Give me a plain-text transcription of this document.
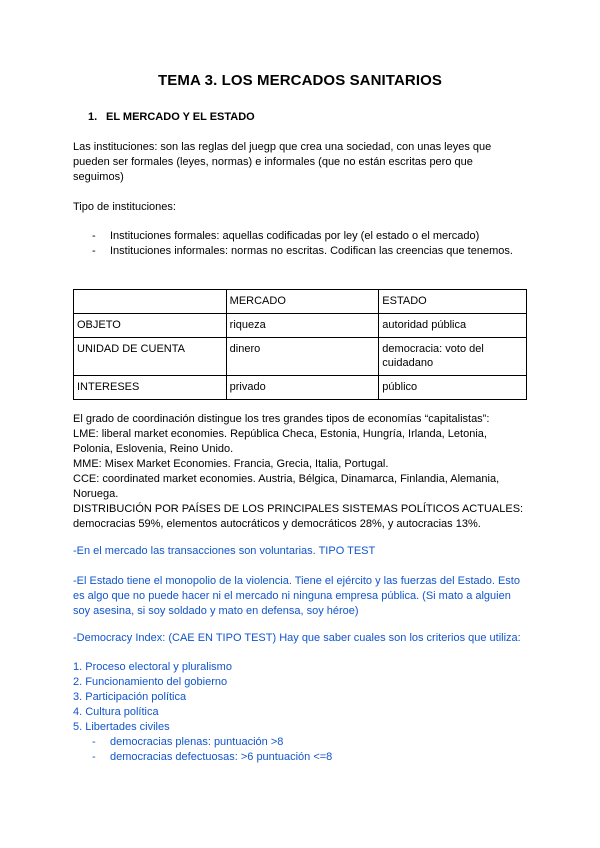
TEMA 3. LOS MERCADOS SANITARIOS
1. EL MERCADO Y EL ESTADO
Las instituciones: son las reglas del juegp que crea una sociedad, con unas leyes que
pueden ser formales (leyes, normas) e informales (que no están escritas pero que
seguimos)
Tipo de instituciones:
- Instituciones formales: aquellas codificadas por ley (el estado o el mercado)
- Instituciones informales: normas no escritas. Codifican las creencias que tenemos.
	MERCADO	ESTADO
OBJETO	riqueza	autoridad pública
UNIDAD DE CUENTA	dinero	democracia: voto del cuidadano
INTERESES	privado	público
El grado de coordinación distingue los tres grandes tipos de economías “capitalistas”:
LME: liberal market economies. República Checa, Estonia, Hungría, Irlanda, Letonia,
Polonia, Eslovenia, Reino Unido.
MME: Misex Market Economies. Francia, Grecia, Italia, Portugal.
CCE: coordinated market economies. Austria, Bélgica, Dinamarca, Finlandia, Alemania,
Noruega.
DISTRIBUCIÓN POR PAÍSES DE LOS PRINCIPALES SISTEMAS POLÍTICOS ACTUALES:
democracias 59%, elementos autocráticos y democráticos 28%, y autocracias 13%.
-En el mercado las transacciones son voluntarias. TIPO TEST
-El Estado tiene el monopolio de la violencia. Tiene el ejército y las fuerzas del Estado. Esto
es algo que no puede hacer ni el mercado ni ninguna empresa pública. (Si mato a alguien
soy asesina, si soy soldado y mato en defensa, soy héroe)
-Democracy Index: (CAE EN TIPO TEST) Hay que saber cuales son los criterios que utiliza:
1. Proceso electoral y pluralismo
2. Funcionamiento del gobierno
3. Participación política
4. Cultura política
5. Libertades civiles
- democracias plenas: puntuación >8
- democracias defectuosas: >6 puntuación <=8
